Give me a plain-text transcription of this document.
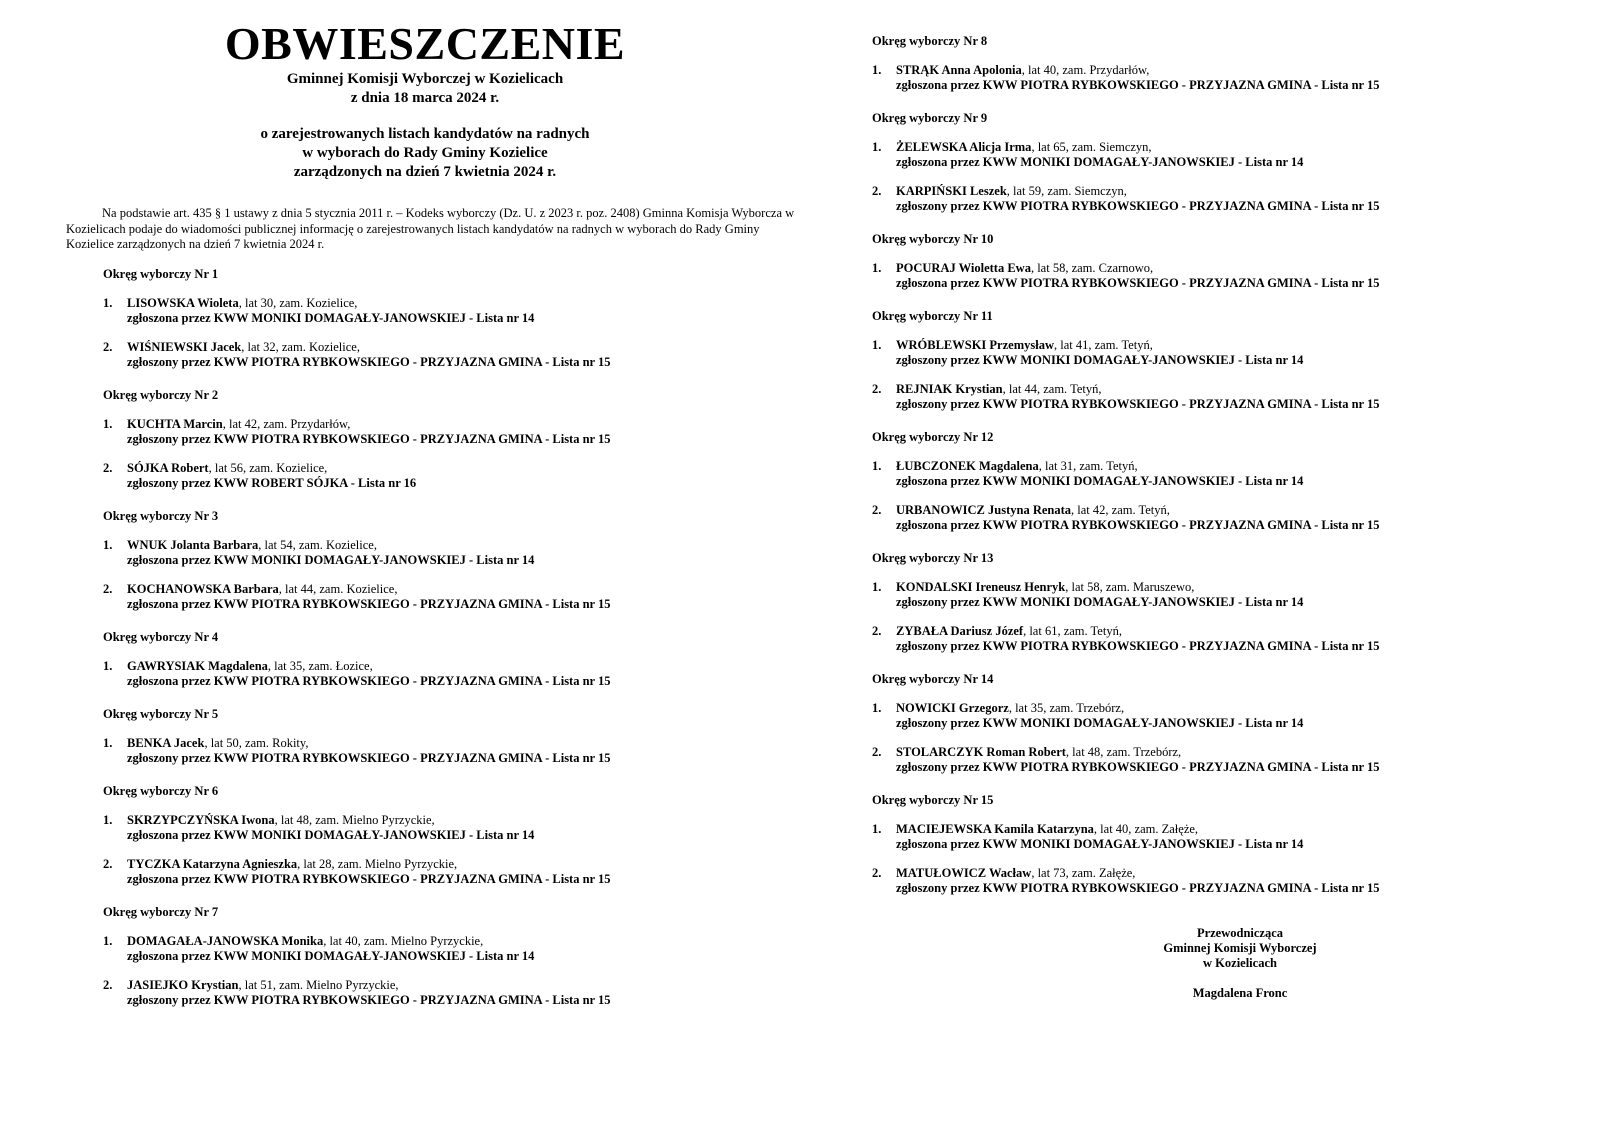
OBWIESZCZENIE
Gminnej Komisji Wyborczej w Kozielicach
z dnia 18 marca 2024 r.
o zarejestrowanych listach kandydatów na radnych
w wyborach do Rady Gminy Kozielice
zarządzonych na dzień 7 kwietnia 2024 r.
Na podstawie art. 435 § 1 ustawy z dnia 5 stycznia 2011 r. – Kodeks wyborczy (Dz. U. z 2023 r. poz. 2408) Gminna Komisja Wyborcza w Kozielicach podaje do wiadomości publicznej informację o zarejestrowanych listach kandydatów na radnych w wyborach do Rady Gminy Kozielice zarządzonych na dzień 7 kwietnia 2024 r.
Okręg wyborczy Nr 1
1. LISOWSKA Wioleta, lat 30, zam. Kozielice,
zgłoszona przez KWW MONIKI DOMAGAŁY-JANOWSKIEJ - Lista nr 14
2. WIŚNIEWSKI Jacek, lat 32, zam. Kozielice,
zgłoszony przez KWW PIOTRA RYBKOWSKIEGO - PRZYJAZNA GMINA - Lista nr 15
Okręg wyborczy Nr 2
1. KUCHTA Marcin, lat 42, zam. Przydarłów,
zgłoszony przez KWW PIOTRA RYBKOWSKIEGO - PRZYJAZNA GMINA - Lista nr 15
2. SÓJKA Robert, lat 56, zam. Kozielice,
zgłoszony przez KWW ROBERT SÓJKA - Lista nr 16
Okręg wyborczy Nr 3
1. WNUK Jolanta Barbara, lat 54, zam. Kozielice,
zgłoszona przez KWW MONIKI DOMAGAŁY-JANOWSKIEJ - Lista nr 14
2. KOCHANOWSKA Barbara, lat 44, zam. Kozielice,
zgłoszona przez KWW PIOTRA RYBKOWSKIEGO - PRZYJAZNA GMINA - Lista nr 15
Okręg wyborczy Nr 4
1. GAWRYSIAK Magdalena, lat 35, zam. Łozice,
zgłoszona przez KWW PIOTRA RYBKOWSKIEGO - PRZYJAZNA GMINA - Lista nr 15
Okręg wyborczy Nr 5
1. BENKA Jacek, lat 50, zam. Rokity,
zgłoszony przez KWW PIOTRA RYBKOWSKIEGO - PRZYJAZNA GMINA - Lista nr 15
Okręg wyborczy Nr 6
1. SKRZYPCZYŃSKA Iwona, lat 48, zam. Mielno Pyrzyckie,
zgłoszona przez KWW MONIKI DOMAGAŁY-JANOWSKIEJ - Lista nr 14
2. TYCZKA Katarzyna Agnieszka, lat 28, zam. Mielno Pyrzyckie,
zgłoszona przez KWW PIOTRA RYBKOWSKIEGO - PRZYJAZNA GMINA - Lista nr 15
Okręg wyborczy Nr 7
1. DOMAGAŁA-JANOWSKA Monika, lat 40, zam. Mielno Pyrzyckie,
zgłoszona przez KWW MONIKI DOMAGAŁY-JANOWSKIEJ - Lista nr 14
2. JASIEJKO Krystian, lat 51, zam. Mielno Pyrzyckie,
zgłoszony przez KWW PIOTRA RYBKOWSKIEGO - PRZYJAZNA GMINA - Lista nr 15
Okręg wyborczy Nr 8
1. STRĄK Anna Apolonia, lat 40, zam. Przydarłów,
zgłoszona przez KWW PIOTRA RYBKOWSKIEGO - PRZYJAZNA GMINA - Lista nr 15
Okręg wyborczy Nr 9
1. ŻELEWSKA Alicja Irma, lat 65, zam. Siemczyn,
zgłoszona przez KWW MONIKI DOMAGAŁY-JANOWSKIEJ - Lista nr 14
2. KARPIŃSKI Leszek, lat 59, zam. Siemczyn,
zgłoszony przez KWW PIOTRA RYBKOWSKIEGO - PRZYJAZNA GMINA - Lista nr 15
Okręg wyborczy Nr 10
1. POCURAJ Wioletta Ewa, lat 58, zam. Czarnowo,
zgłoszona przez KWW PIOTRA RYBKOWSKIEGO - PRZYJAZNA GMINA - Lista nr 15
Okręg wyborczy Nr 11
1. WRÓBLEWSKI Przemysław, lat 41, zam. Tetyń,
zgłoszony przez KWW MONIKI DOMAGAŁY-JANOWSKIEJ - Lista nr 14
2. REJNIAK Krystian, lat 44, zam. Tetyń,
zgłoszony przez KWW PIOTRA RYBKOWSKIEGO - PRZYJAZNA GMINA - Lista nr 15
Okręg wyborczy Nr 12
1. ŁUBCZONEK Magdalena, lat 31, zam. Tetyń,
zgłoszona przez KWW MONIKI DOMAGAŁY-JANOWSKIEJ - Lista nr 14
2. URBANOWICZ Justyna Renata, lat 42, zam. Tetyń,
zgłoszona przez KWW PIOTRA RYBKOWSKIEGO - PRZYJAZNA GMINA - Lista nr 15
Okręg wyborczy Nr 13
1. KONDALSKI Ireneusz Henryk, lat 58, zam. Maruszewo,
zgłoszony przez KWW MONIKI DOMAGAŁY-JANOWSKIEJ - Lista nr 14
2. ZYBAŁA Dariusz Józef, lat 61, zam. Tetyń,
zgłoszony przez KWW PIOTRA RYBKOWSKIEGO - PRZYJAZNA GMINA - Lista nr 15
Okręg wyborczy Nr 14
1. NOWICKI Grzegorz, lat 35, zam. Trzebórz,
zgłoszony przez KWW MONIKI DOMAGAŁY-JANOWSKIEJ - Lista nr 14
2. STOLARCZYK Roman Robert, lat 48, zam. Trzebórz,
zgłoszony przez KWW PIOTRA RYBKOWSKIEGO - PRZYJAZNA GMINA - Lista nr 15
Okręg wyborczy Nr 15
1. MACIEJEWSKA Kamila Katarzyna, lat 40, zam. Załęże,
zgłoszona przez KWW MONIKI DOMAGAŁY-JANOWSKIEJ - Lista nr 14
2. MATUŁOWICZ Wacław, lat 73, zam. Załęże,
zgłoszony przez KWW PIOTRA RYBKOWSKIEGO - PRZYJAZNA GMINA - Lista nr 15
Przewodnicząca
Gminnej Komisji Wyborczej
w Kozielicach
Magdalena Fronc
